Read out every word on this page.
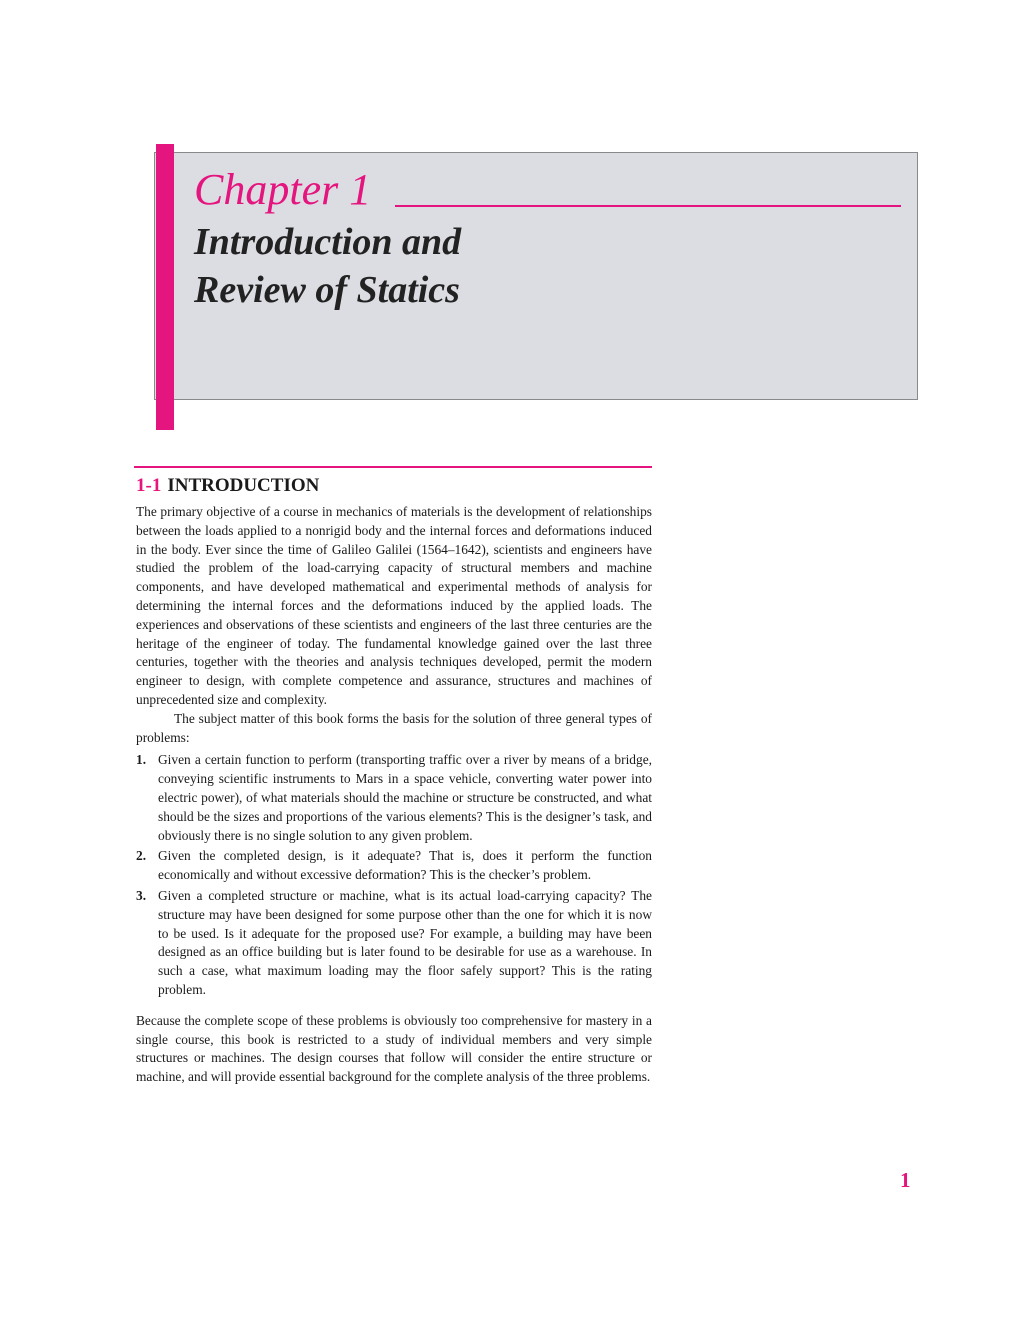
Chapter 1
Introduction and
Review of Statics
1-1 INTRODUCTION

The primary objective of a course in mechanics of materials is the development of relationships between the loads applied to a nonrigid body and the internal forces and deformations induced in the body. Ever since the time of Galileo Galilei (1564–1642), scientists and engineers have studied the problem of the load-carrying capacity of structural members and machine components, and have developed mathematical and experimental methods of analysis for determining the internal forces and the deformations induced by the applied loads. The experiences and observations of these scientists and engineers of the last three centuries are the heritage of the engineer of today. The fundamental knowledge gained over the last three centuries, together with the theories and analysis techniques developed, permit the modern engineer to design, with complete competence and assurance, structures and machines of unprecedented size and complexity.

The subject matter of this book forms the basis for the solution of three general types of problems:

1. Given a certain function to perform (transporting traffic over a river by means of a bridge, conveying scientific instruments to Mars in a space vehicle, converting water power into electric power), of what materials should the machine or structure be constructed, and what should be the sizes and proportions of the various elements? This is the designer’s task, and obviously there is no single solution to any given problem.
2. Given the completed design, is it adequate? That is, does it perform the function economically and without excessive deformation? This is the checker’s problem.
3. Given a completed structure or machine, what is its actual load-carrying capacity? The structure may have been designed for some purpose other than the one for which it is now to be used. Is it adequate for the proposed use? For example, a building may have been designed as an office building but is later found to be desirable for use as a warehouse. In such a case, what maximum loading may the floor safely support? This is the rating problem.

Because the complete scope of these problems is obviously too comprehensive for mastery in a single course, this book is restricted to a study of individual members and very simple structures or machines. The design courses that follow will consider the entire structure or machine, and will provide essential background for the complete analysis of the three problems.

1
